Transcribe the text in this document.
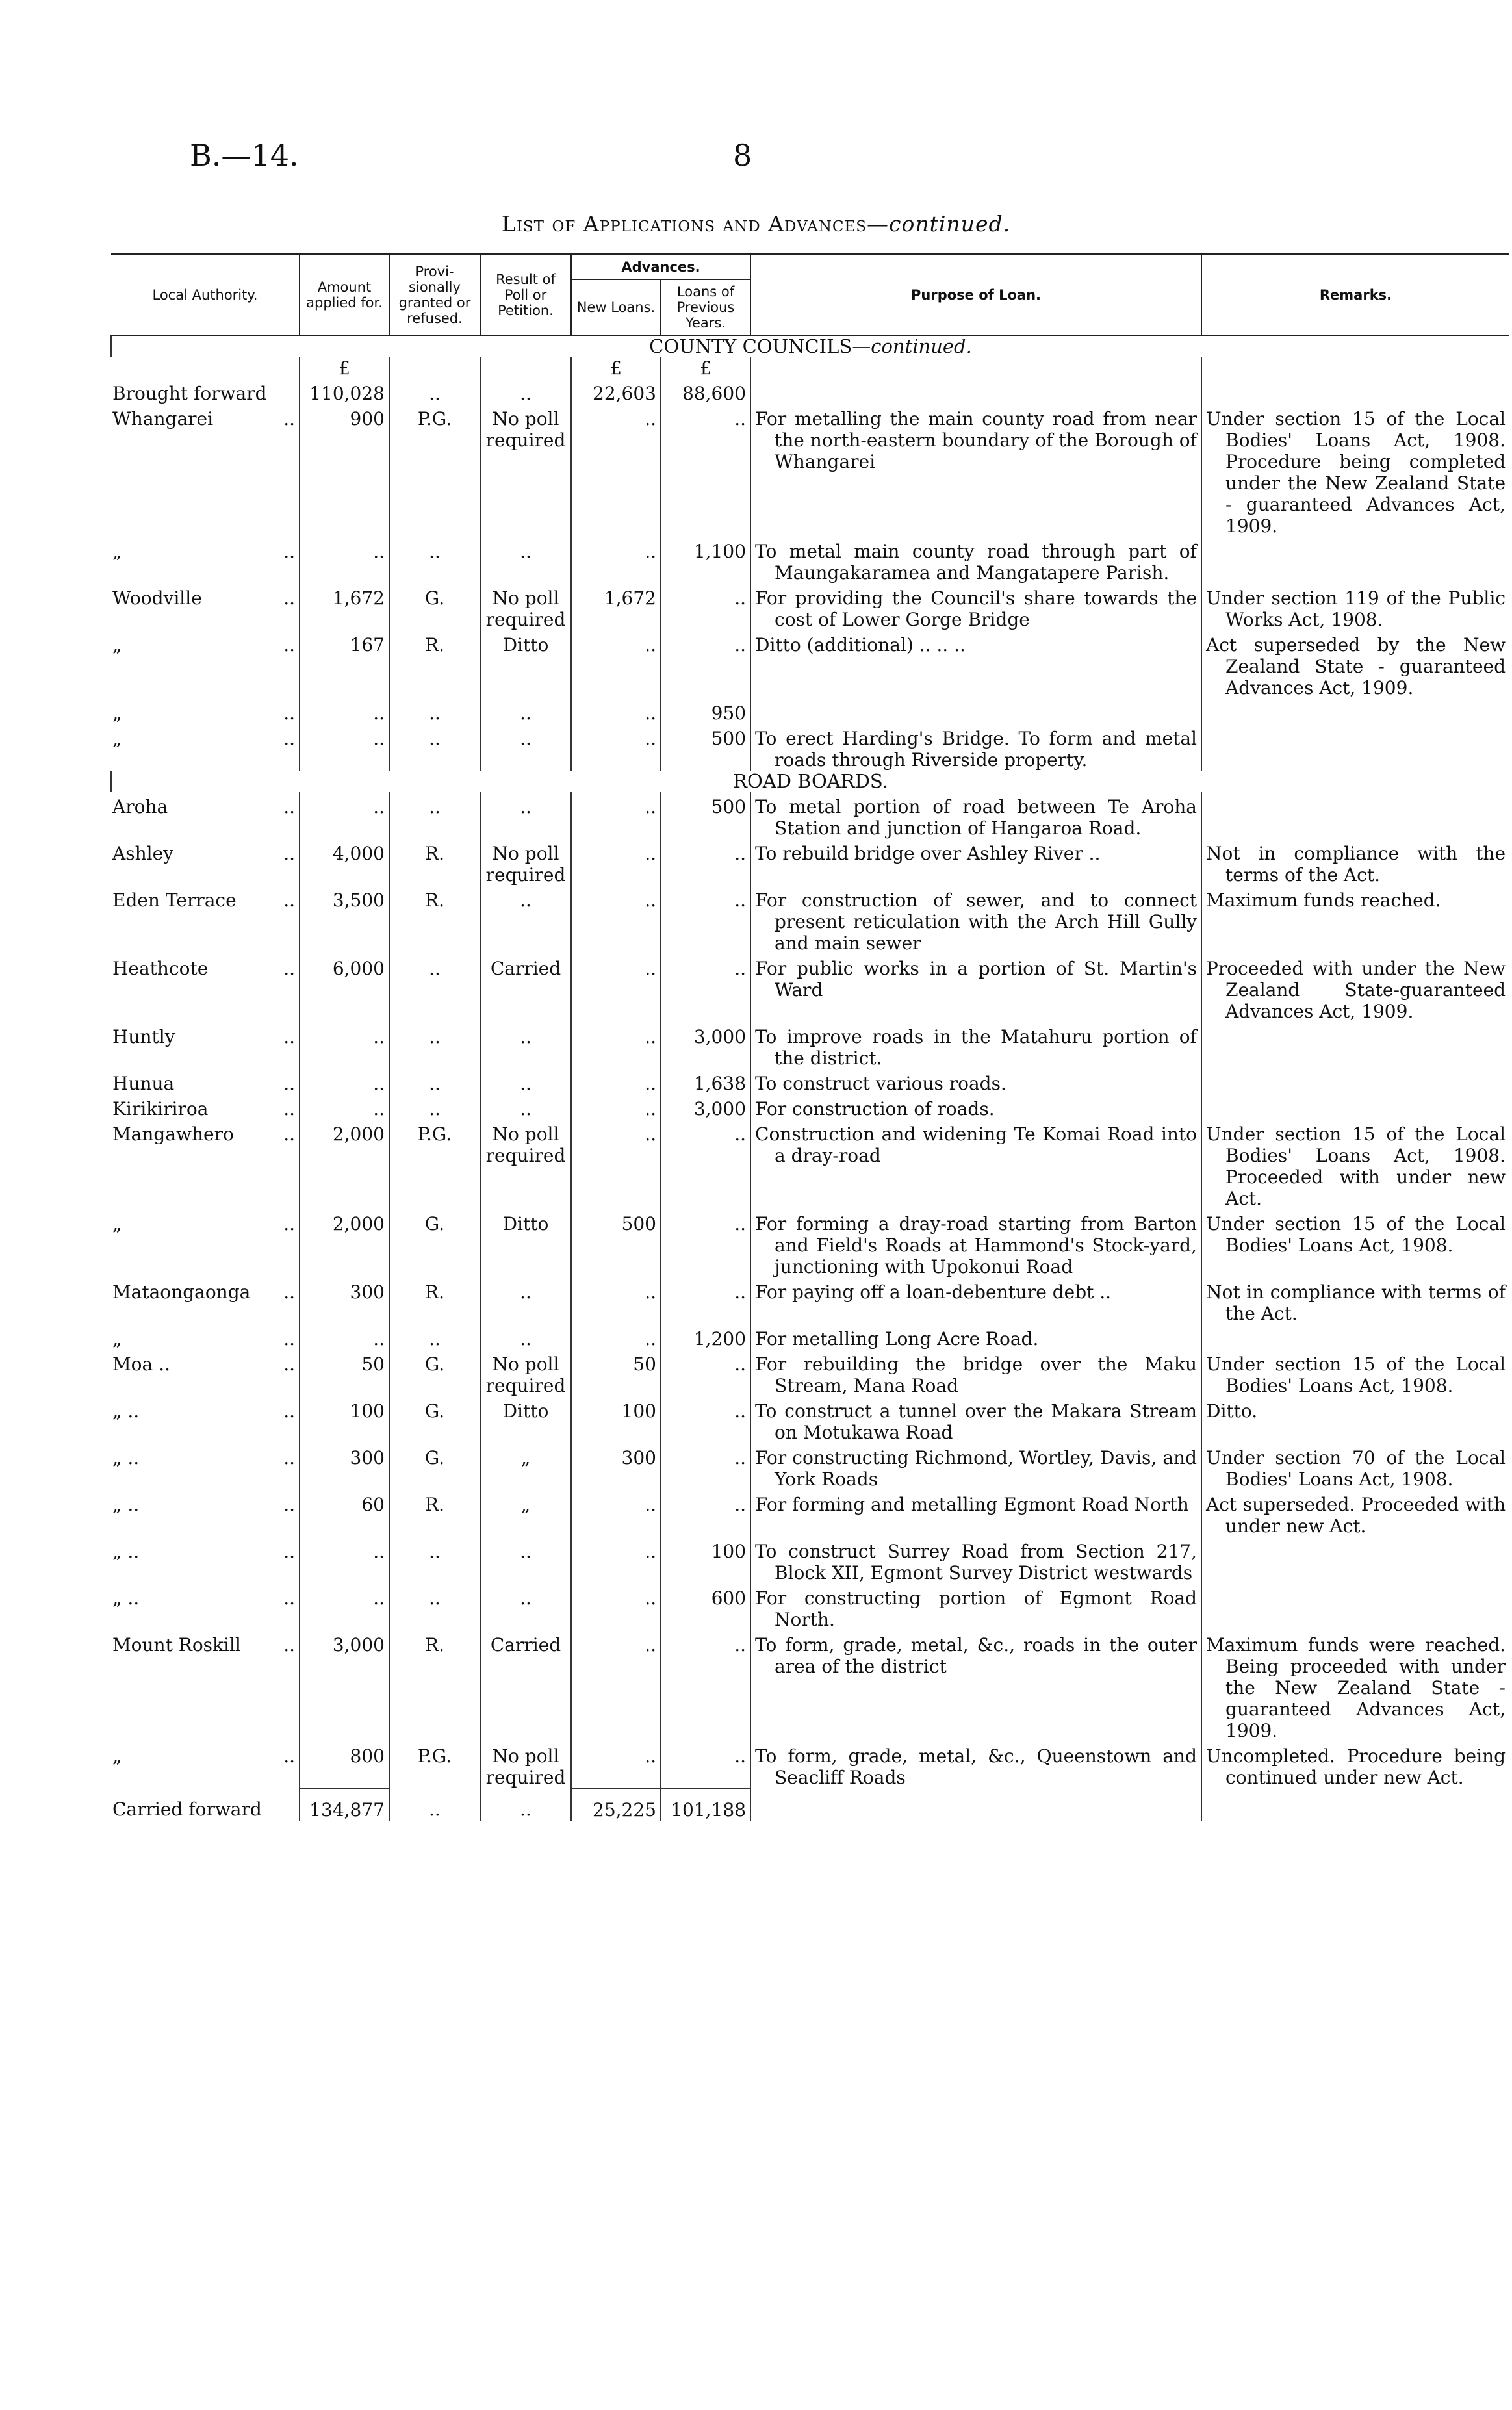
B.—14.	8
List of Applications and Advances—continued.
Local Authority.	Amount applied for.	Provi-sionally granted or refused.	Result of Poll or Petition.	Advances.		Purpose of Loan.	Remarks.
				New Loans.	Loans of Previous Years.		
COUNTY COUNCILS—continued.							
	£			£	£		

Brought forward	110,028	..	..	22,603	88,600	

Whangarei ..	900	P.G.	No poll required	..	..	For metalling the main county road from near the north-eastern boundary of the Borough of Whangarei	Under section 15 of the Local Bodies' Loans Act, 1908. Procedure being completed under the New Zealand State - guaranteed Advances Act, 1909.

„ ..	..	..	..	..	1,100	To metal main county road through part of Maungakaramea and Mangatapere Parish.	

Woodville ..	1,672	G.	No poll required	1,672	..	For providing the Council's share towards the cost of Lower Gorge Bridge	Under section 119 of the Public Works Act, 1908.

„ ..	167	R.	Ditto	..	..	Ditto (additional) .. .. ..	Act superseded by the New Zealand State - guaranteed Advances Act, 1909.

„ ..	..	..	..	..	950	

„ ..	..	..	..	..	500	To erect Harding's Bridge. To form and metal roads through Riverside property.	

ROAD BOARDS.							

Aroha ..	..	..	..	..	500	To metal portion of road between Te Aroha Station and junction of Hangaroa Road.	

Ashley ..	4,000	R.	No poll required	..	..	To rebuild bridge over Ashley River ..	Not in compliance with the terms of the Act.

Eden Terrace ..	3,500	R.	..	..	..	For construction of sewer, and to connect present reticulation with the Arch Hill Gully and main sewer	Maximum funds reached.

Heathcote ..	6,000	..	Carried	..	..	For public works in a portion of St. Martin's Ward	Proceeded with under the New Zealand State-guaranteed Advances Act, 1909.

Huntly ..	..	..	..	..	3,000	To improve roads in the Matahuru portion of the district.	

Hunua ..	..	..	..	..	1,638	To construct various roads.	

Kirikiriroa ..	..	..	..	..	3,000	For construction of roads.	

Mangawhero ..	2,000	P.G.	No poll required	..	..	Construction and widening Te Komai Road into a dray-road	Under section 15 of the Local Bodies' Loans Act, 1908. Proceeded with under new Act.

„ ..	2,000	G.	Ditto	500	..	For forming a dray-road starting from Barton and Field's Roads at Hammond's Stock-yard, junctioning with Upokonui Road	Under section 15 of the Local Bodies' Loans Act, 1908.

Mataongaonga ..	300	R.	..	..	..	For paying off a loan-debenture debt ..	Not in compliance with terms of the Act.

„ ..	..	..	..	..	1,200	For metalling Long Acre Road.	

Moa .. ..	50	G.	No poll required	50	..	For rebuilding the bridge over the Maku Stream, Mana Road	Under section 15 of the Local Bodies' Loans Act, 1908.

„ .. ..	100	G.	Ditto	100	..	To construct a tunnel over the Makara Stream on Motukawa Road	Ditto.

„ .. ..	300	G.	„	300	..	For constructing Richmond, Wortley, Davis, and York Roads	Under section 70 of the Local Bodies' Loans Act, 1908.

„ .. ..	60	R.	„	..	..	For forming and metalling Egmont Road North	Act superseded. Proceeded with under new Act.

„ .. ..	..	..	..	..	100	To construct Surrey Road from Section 217, Block XII, Egmont Survey District westwards	

„ .. ..	..	..	..	..	600	For constructing portion of Egmont Road North.	

Mount Roskill ..	3,000	R.	Carried	..	..	To form, grade, metal, &c., roads in the outer area of the district	Maximum funds were reached. Being proceeded with under the New Zealand State - guaranteed Advances Act, 1909.

„ ..	800	P.G.	No poll required	..	..	To form, grade, metal, &c., Queenstown and Seacliff Roads	Uncompleted. Procedure being continued under new Act.

Carried forward	134,877	..	..	25,225	101,188		
